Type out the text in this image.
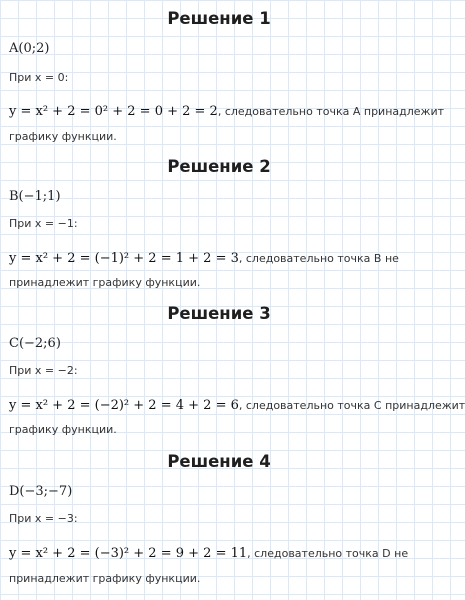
Решение 1
A(0;2)
При x = 0:
y = x² + 2 = 0² + 2 = 0 + 2 = 2, следовательно точка A принадлежит
графику функции.
Решение 2
B(−1;1)
При x = −1:
y = x² + 2 = (−1)² + 2 = 1 + 2 = 3, следовательно точка B не
принадлежит графику функции.
Решение 3
C(−2;6)
При x = −2:
y = x² + 2 = (−2)² + 2 = 4 + 2 = 6, следовательно точка C принадлежит
графику функции.
Решение 4
D(−3;−7)
При x = −3:
y = x² + 2 = (−3)² + 2 = 9 + 2 = 11, следовательно точка D не
принадлежит графику функции.
